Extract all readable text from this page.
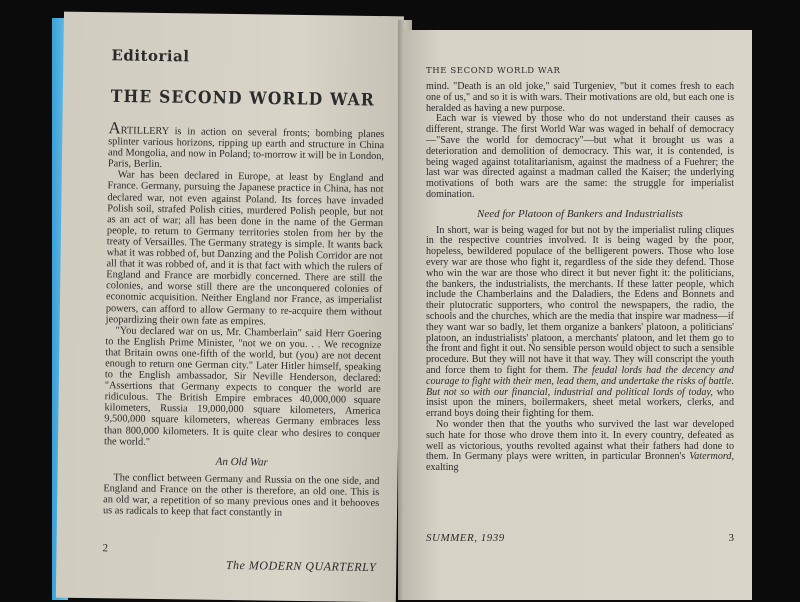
Editorial
THE SECOND WORLD WAR

ARTILLERY is in action on several fronts; bombing planes splinter various horizons, ripping up earth and structure in China and Mongolia, and now in Poland; to-morrow it will be in London, Paris, Berlin.

War has been declared in Europe, at least by England and France. Germany, pursuing the Japanese practice in China, has not declared war, not even against Poland. Its forces have invaded Polish soil, strafed Polish cities, murdered Polish people, but not as an act of war; all has been done in the name of the German people, to return to Germany territories stolen from her by the treaty of Versailles. The Germany strategy is simple. It wants back what it was robbed of, but Danzing and the Polish Corridor are not all that it was robbed of, and it is that fact with which the rulers of England and France are morbidly concerned. There are still the colonies, and worse still there are the unconquered colonies of economic acquisition. Neither England nor France, as imperialist powers, can afford to allow Germany to re-acquire them without jeopardizing their own fate as empires.

"You declared war on us, Mr. Chamberlain" said Herr Goering to the English Prime Minister, "not we on you. . . We recognize that Britain owns one-fifth of the world, but (you) are not decent enough to return one German city." Later Hitler himself, speaking to the English ambassador, Sir Neville Henderson, declared: "Assertions that Germany expects to conquer the world are ridiculous. The British Empire embraces 40,000,000 square kilometers, Russia 19,000,000 square kilometers, America 9,500,000 square kilometers, whereas Germany embraces less than 800,000 kilometers. It is quite clear who desires to conquer the world."

An Old War

The conflict between Germany and Russia on the one side, and England and France on the other is therefore, an old one. This is an old war, a repetition of so many previous ones and it behooves us as radicals to keep that fact constantly in

2
The MODERN QUARTERLY
THE SECOND WORLD WAR

mind. "Death is an old joke," said Turgeniev, "but it comes fresh to each one of us," and so it is with wars. Their motivations are old, but each one is heralded as having a new purpose.

Each war is viewed by those who do not understand their causes as different, strange. The first World War was waged in behalf of democracy—"Save the world for democracy"—but what it brought us was a deterioration and demolition of democracy. This war, it is contended, is being waged against totalitarianism, against the madness of a Fuehrer; the last war was directed against a madman called the Kaiser; the underlying motivations of both wars are the same: the struggle for imperialist domination.

Need for Platoon of Bankers and Industrialists

In short, war is being waged for but not by the imperialist ruling cliques in the respective countries involved. It is being waged by the poor, hopeless, bewildered populace of the belligerent powers. Those who lose every war are those who fight it, regardless of the side they defend. Those who win the war are those who direct it but never fight it: the politicians, the bankers, the industrialists, the merchants. If these latter people, which include the Chamberlains and the Daladiers, the Edens and Bonnets and their plutocratic supporters, who control the newspapers, the radio, the schools and the churches, which are the media that inspire war madness—if they want war so badly, let them organize a bankers' platoon, a politicians' platoon, an industrialists' platoon, a merchants' platoon, and let them go to the front and fight it out. No sensible person would object to such a sensible procedure. But they will not have it that way. They will conscript the youth and force them to fight for them. The feudal lords had the decency and courage to fight with their men, lead them, and undertake the risks of battle. But not so with our financial, industrial and political lords of today, who insist upon the miners, boilermakers, sheet metal workers, clerks, and errand boys doing their fighting for them.

No wonder then that the youths who survived the last war developed such hate for those who drove them into it. In every country, defeated as well as victorious, youths revolted against what their fathers had done to them. In Germany plays were written, in particular Bronnen's Vatermord, exalting

SUMMER, 1939	3
